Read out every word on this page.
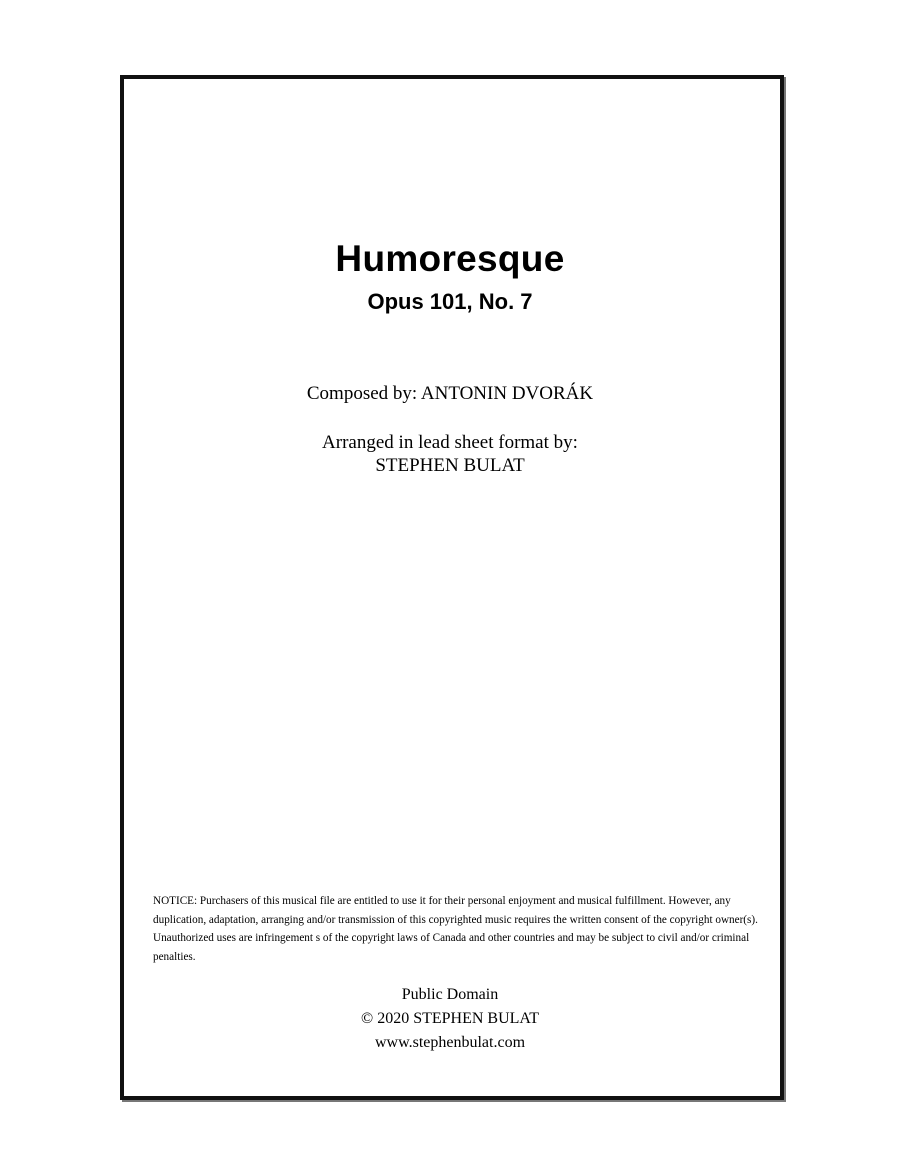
Humoresque
Opus 101, No. 7
Composed by: ANTONIN DVORÁK
Arranged in lead sheet format by:
STEPHEN BULAT
NOTICE: Purchasers of this musical file are entitled to use it for their personal enjoyment and musical fulfillment. However, any duplication, adaptation, arranging and/or transmission of this copyrighted music requires the written consent of the copyright owner(s). Unauthorized uses are infringement s of the copyright laws of Canada and other countries and may be subject to civil and/or criminal penalties.
Public Domain
© 2020 STEPHEN BULAT
www.stephenbulat.com
